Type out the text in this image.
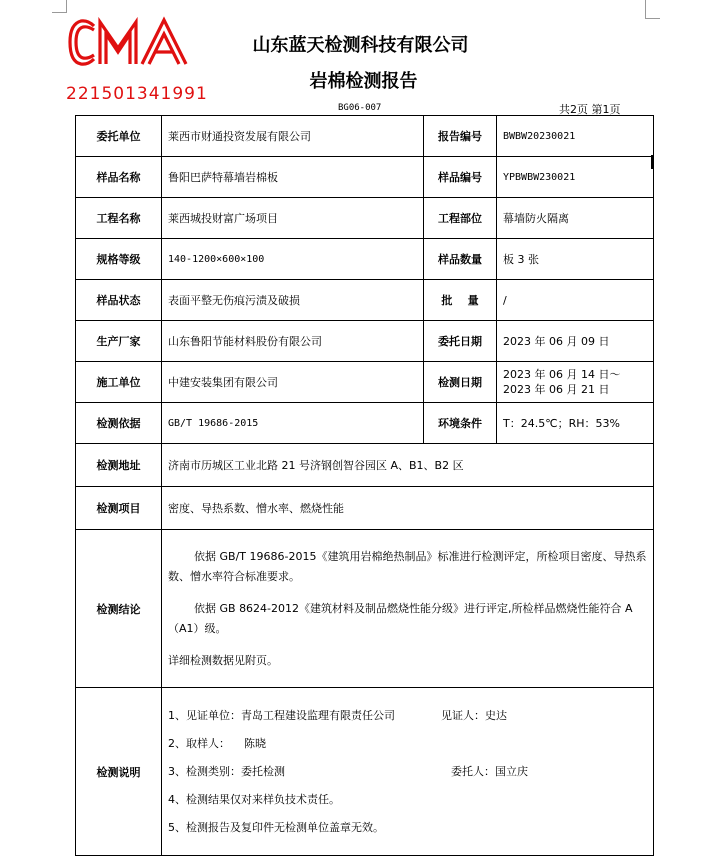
CMA
221501341991
山东蓝天检测科技有限公司
岩棉检测报告
BG06-007	共2页 第1页
委托单位	莱西市财通投资发展有限公司	报告编号	BWBW20230021
样品名称	鲁阳巴萨特幕墙岩棉板	样品编号	YPBWBW230021
工程名称	莱西城投财富广场项目	工程部位	幕墙防火隔离
规格等级	140-1200×600×100	样品数量	板 3 张
样品状态	表面平整无伤痕污渍及破损	批    量	/
生产厂家	山东鲁阳节能材料股份有限公司	委托日期	2023 年 06 月 09 日
施工单位	中建安装集团有限公司	检测日期	2023 年 06 月 14 日～
2023 年 06 月 21 日

检测依据	GB/T 19686-2015	环境条件	T：24.5℃；RH：53%
检测地址	济南市历城区工业北路 21 号济钢创智谷园区 A、B1、B2 区		
检测项目	密度、导热系数、憎水率、燃烧性能		
检测结论	依据 GB/T 19686-2015《建筑用岩棉绝热制品》标准进行检测评定，所检项目密度、导热系数、憎水率符合标准要求。

依据 GB 8624-2012《建筑材料及制品燃烧性能分级》进行评定,所检样品燃烧性能符合 A（A1）级。

详细检测数据见附页。		

检测说明	1、见证单位：青岛工程建设监理有限责任公司 见证人：史达

2、取样人：    陈晓

3、检测类别：委托检测 委托人：国立庆

4、检测结果仅对来样负技术责任。

5、检测报告及复印件无检测单位盖章无效。		
